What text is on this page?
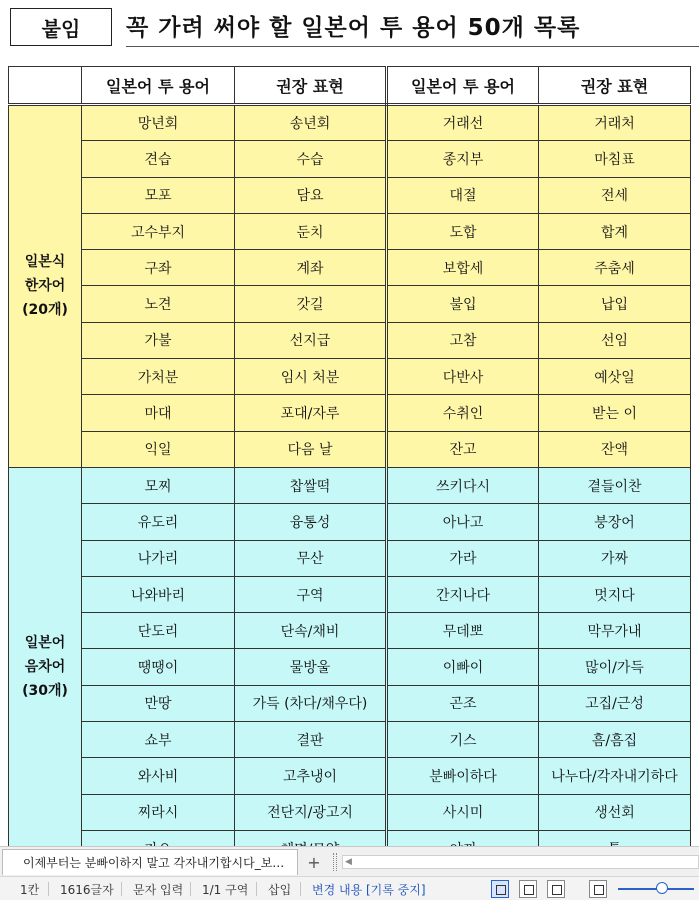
붙임 꼭 가려 써야 할 일본어 투 용어 50개 목록
	일본어 투 용어	권장 표현	일본어 투 용어	권장 표현

일본식
한자어
(20개)	망년회	송년회	거래선	거래처
	견습	수습	종지부	마침표
	모포	담요	대절	전세
	고수부지	둔치	도합	합계
	구좌	계좌	보합세	주춤세
	노견	갓길	불입	납입
	가불	선지급	고참	선임
	가처분	임시 처분	다반사	예삿일
	마대	포대/자루	수취인	받는 이
	익일	다음 날	잔고	잔액

일본어
음차어
(30개)	모찌	찹쌀떡	쓰키다시	곁들이찬
	유도리	융통성	아나고	붕장어
	나가리	무산	가라	가짜
	나와바리	구역	간지나다	멋지다
	단도리	단속/채비	무데뽀	막무가내
	땡땡이	물방울	이빠이	많이/가득
	만땅	가득 (차다/채우다)	곤조	고집/근성
	쇼부	결판	기스	흠/흠집
	와사비	고추냉이	분빠이하다	나누다/각자내기하다
	찌라시	전단지/광고지	사시미	생선회

이제부터는 분빠이하지 말고 각자내기합시다_보… +	◀
1칸 1616글자 문자 입력 1/1 구역 삽입 변경 내용 [기록 중지]
